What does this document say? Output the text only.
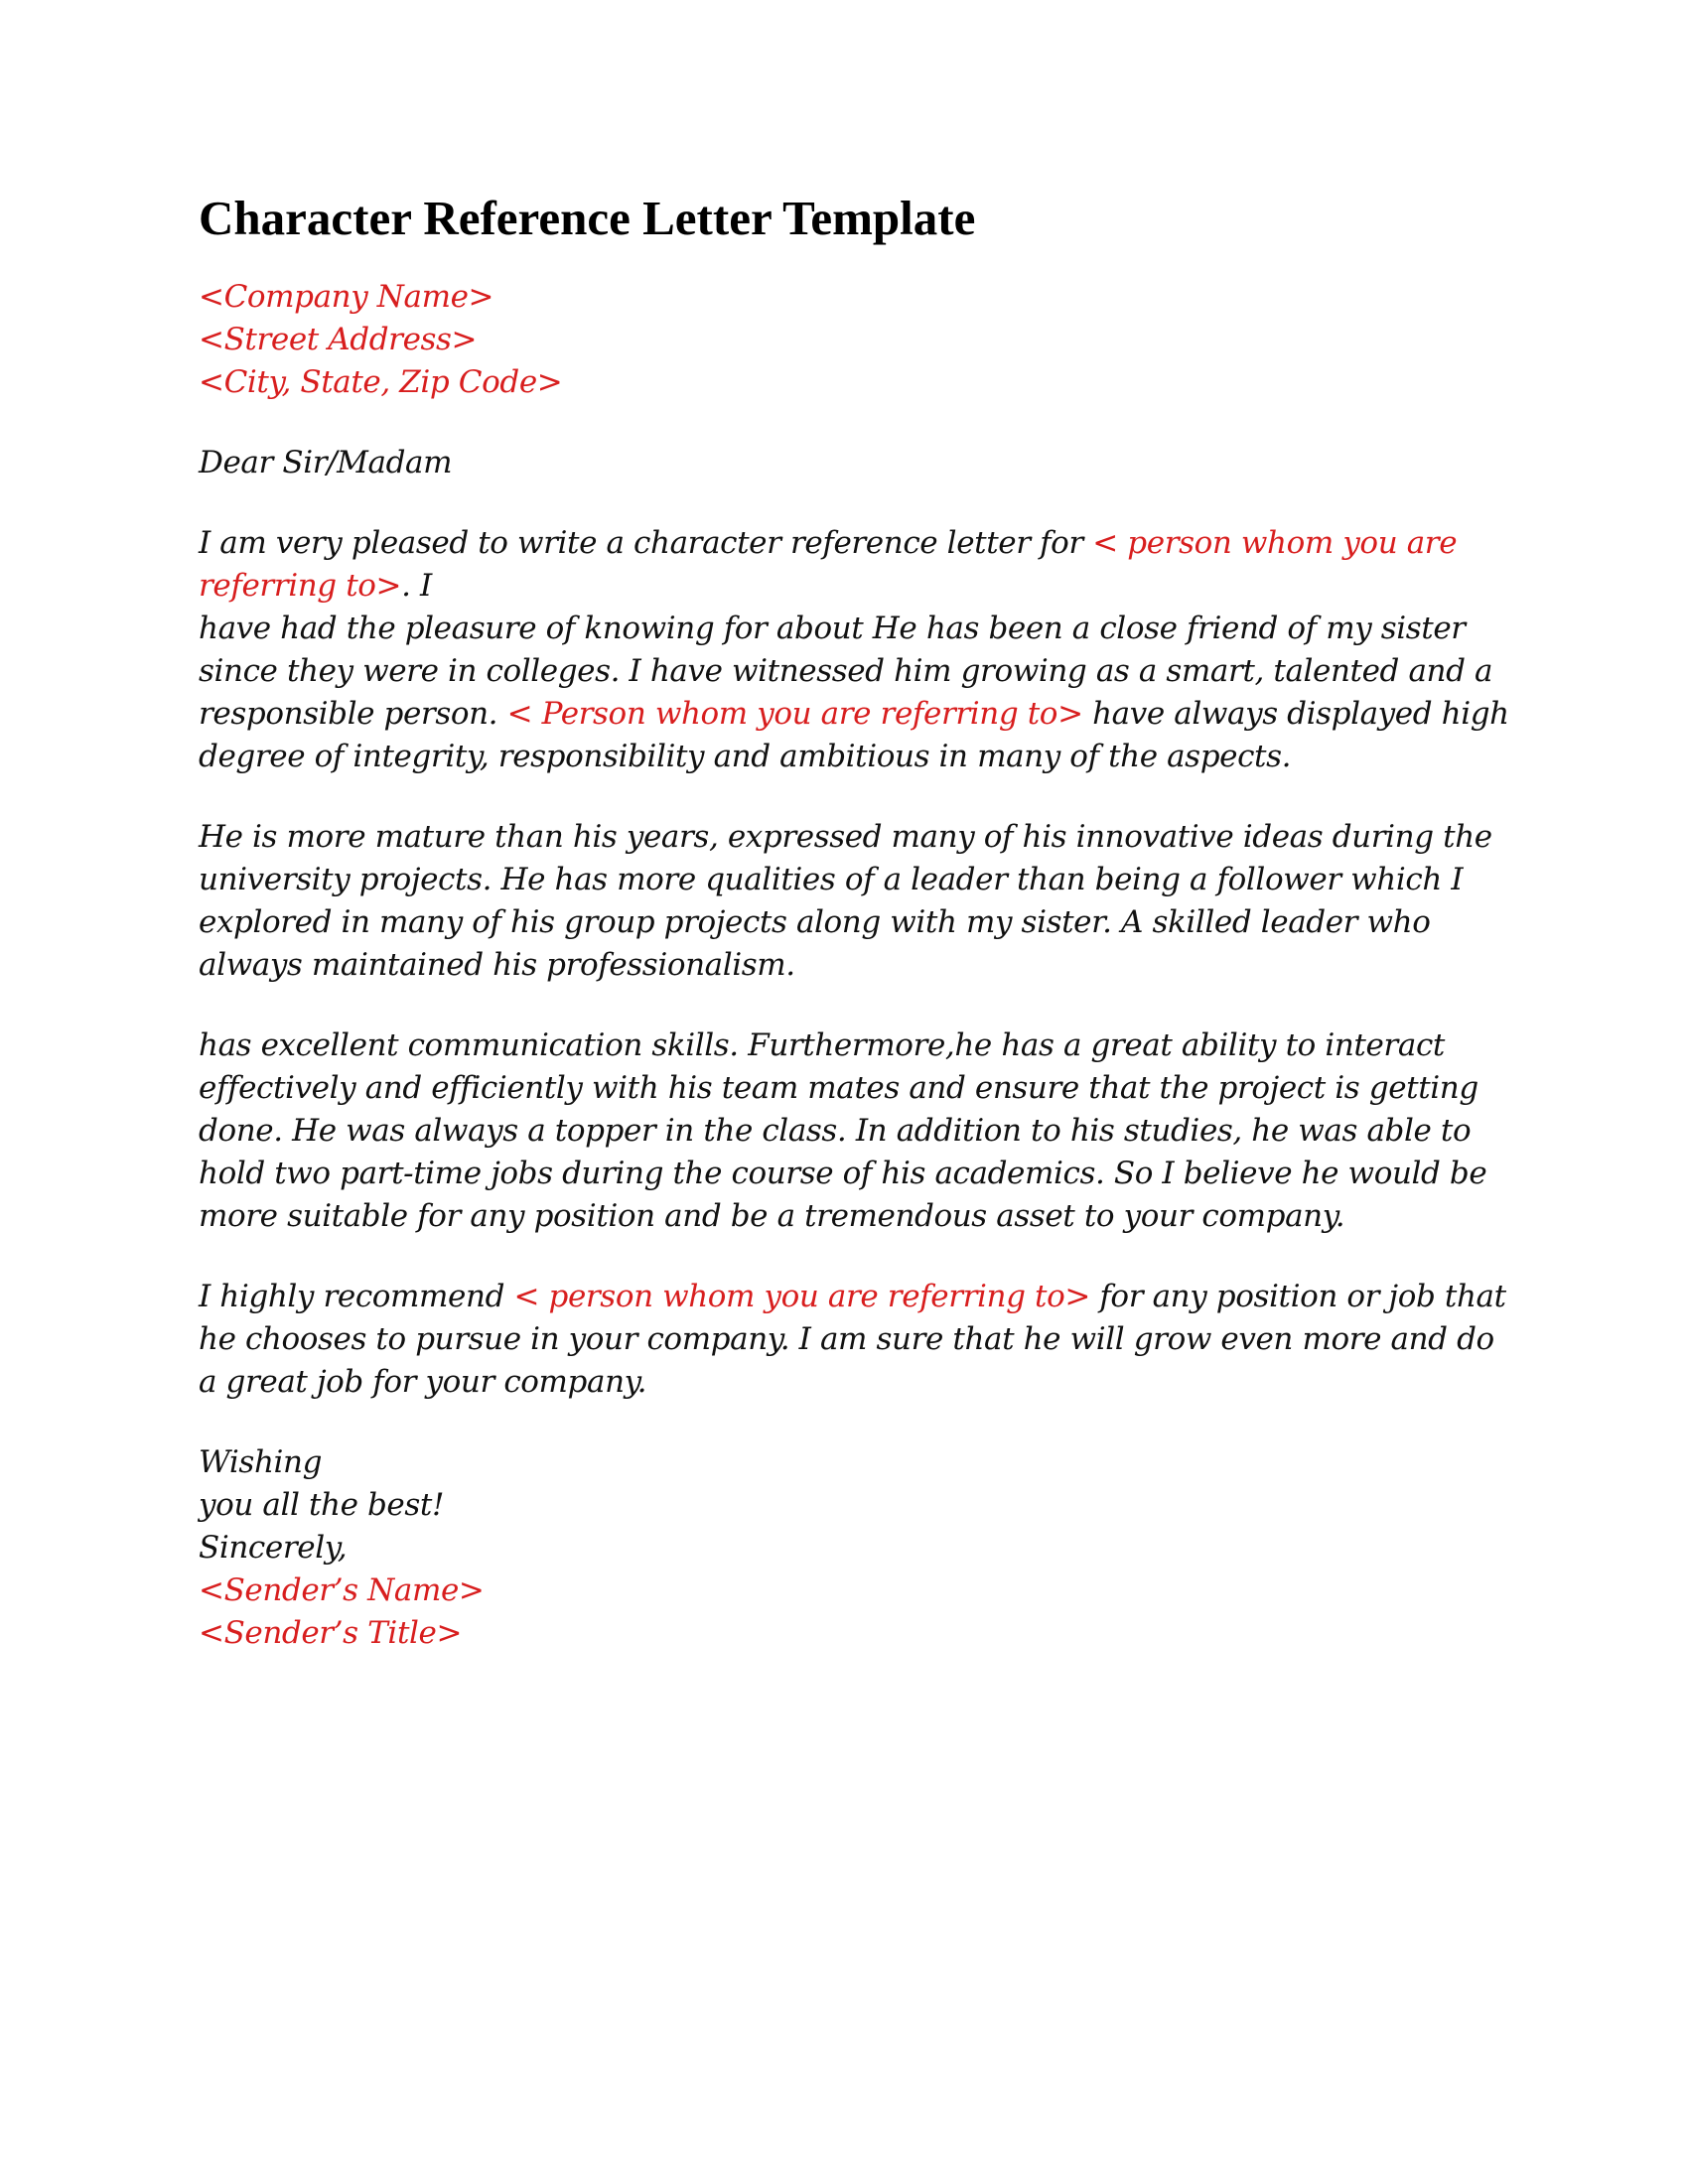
Character Reference Letter Template
<Company Name>
<Street Address>
<City, State, Zip Code>

Dear Sir/Madam

I am very pleased to write a character reference letter for < person whom you are referring to>. I
have had the pleasure of knowing for about He has been a close friend of my sister since they were in colleges. I have witnessed him growing as a smart, talented and a responsible person. < Person whom you are referring to> have always displayed high degree of integrity, responsibility and ambitious in many of the aspects.

He is more mature than his years, expressed many of his innovative ideas during the university projects. He has more qualities of a leader than being a follower which I explored in many of his group projects along with my sister. A skilled leader who always maintained his professionalism.

has excellent communication skills. Furthermore,he has a great ability to interact effectively and efficiently with his team mates and ensure that the project is getting done. He was always a topper in the class. In addition to his studies, he was able to hold two part-time jobs during the course of his academics. So I believe he would be more suitable for any position and be a tremendous asset to your company.

I highly recommend < person whom you are referring to> for any position or job that he chooses to pursue in your company. I am sure that he will grow even more and do a great job for your company.

Wishing
you all the best!
Sincerely,
<Sender’s Name>
<Sender’s Title>
